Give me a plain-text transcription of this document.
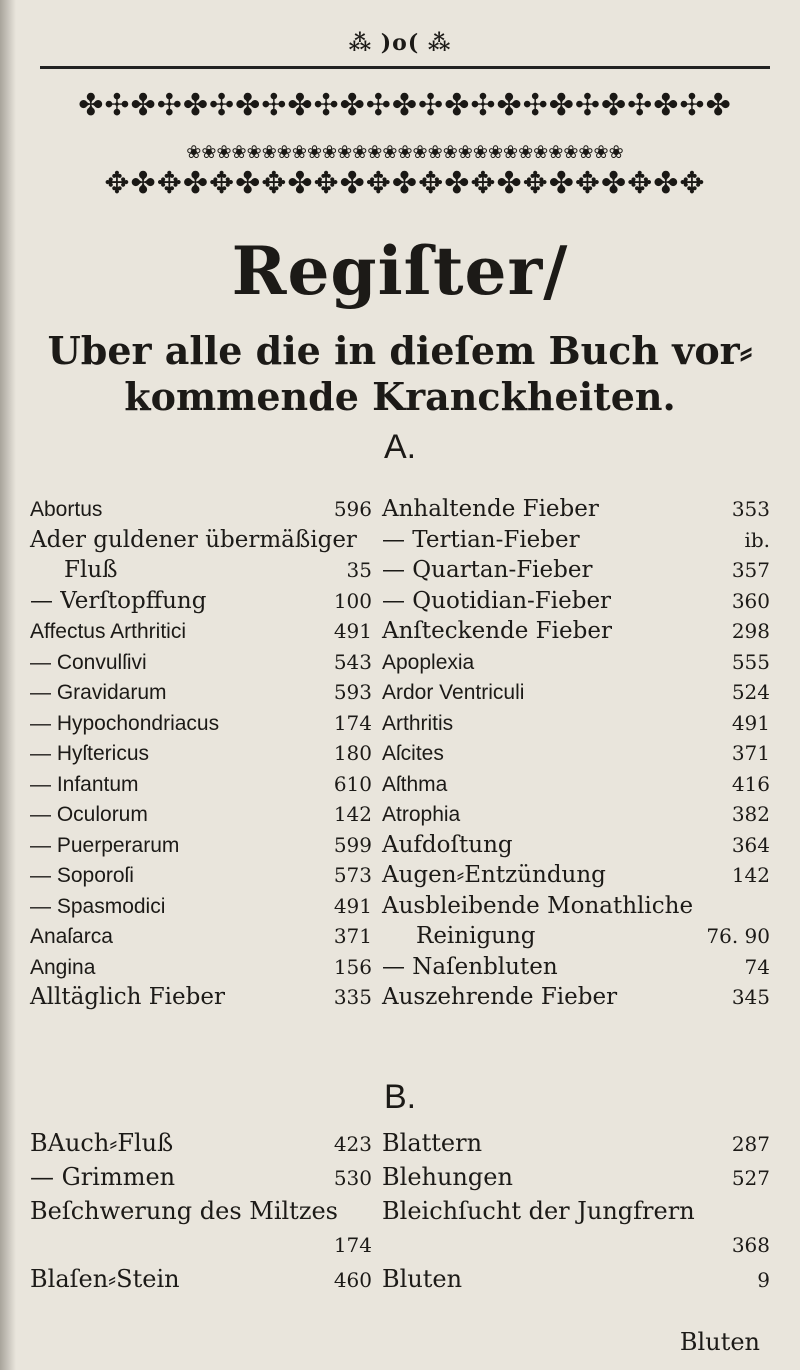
⁂ )o( ⁂
✤✣✤✣✤✣✤✣✤✣✤✣✤✣✤✣✤✣✤✣✤✣✤✣✤
❀❀❀❀❀❀❀❀❀❀❀❀❀❀❀❀❀❀❀❀❀❀❀❀❀❀❀❀❀
✥✤✥✤✥✤✥✤✥✤✥✤✥✤✥✤✥✤✥✤✥✤✥
Regiſter/
Uber alle die in dieſem Buch vor⸗
kommende Kranckheiten.
A.
Abortus	596
Ader guldener übermäßiger
Fluß	35
— Verſtopffung	100
Affectus Arthritici	491
— Convulſivi	543
— Gravidarum	593
— Hypochondriacus	174
— Hyſtericus	180
— Infantum	610
— Oculorum	142
— Puerperarum	599
— Soporoſi	573
— Spasmodici	491
Anaſarca	371
Angina	156
Alltäglich Fieber	335
Anhaltende Fieber	353
— Tertian-Fieber	ib.
— Quartan-Fieber	357
— Quotidian-Fieber	360
Anſteckende Fieber	298
Apoplexia	555
Ardor Ventriculi	524
Arthritis	491
Aſcites	371
Aſthma	416
Atrophia	382
Aufdoſtung	364
Augen⸗Entzündung	142
Ausbleibende Monathliche
Reinigung	76. 90
— Naſenbluten	74
Auszehrende Fieber	345
B.
BAuch⸗Fluß	423
— Grimmen	530
Beſchwerung des Miltzes
174
Blaſen⸗Stein	460
Blattern	287
Blehungen	527
Bleichſucht der Jungfrern
368
Bluten	9
Bluten
